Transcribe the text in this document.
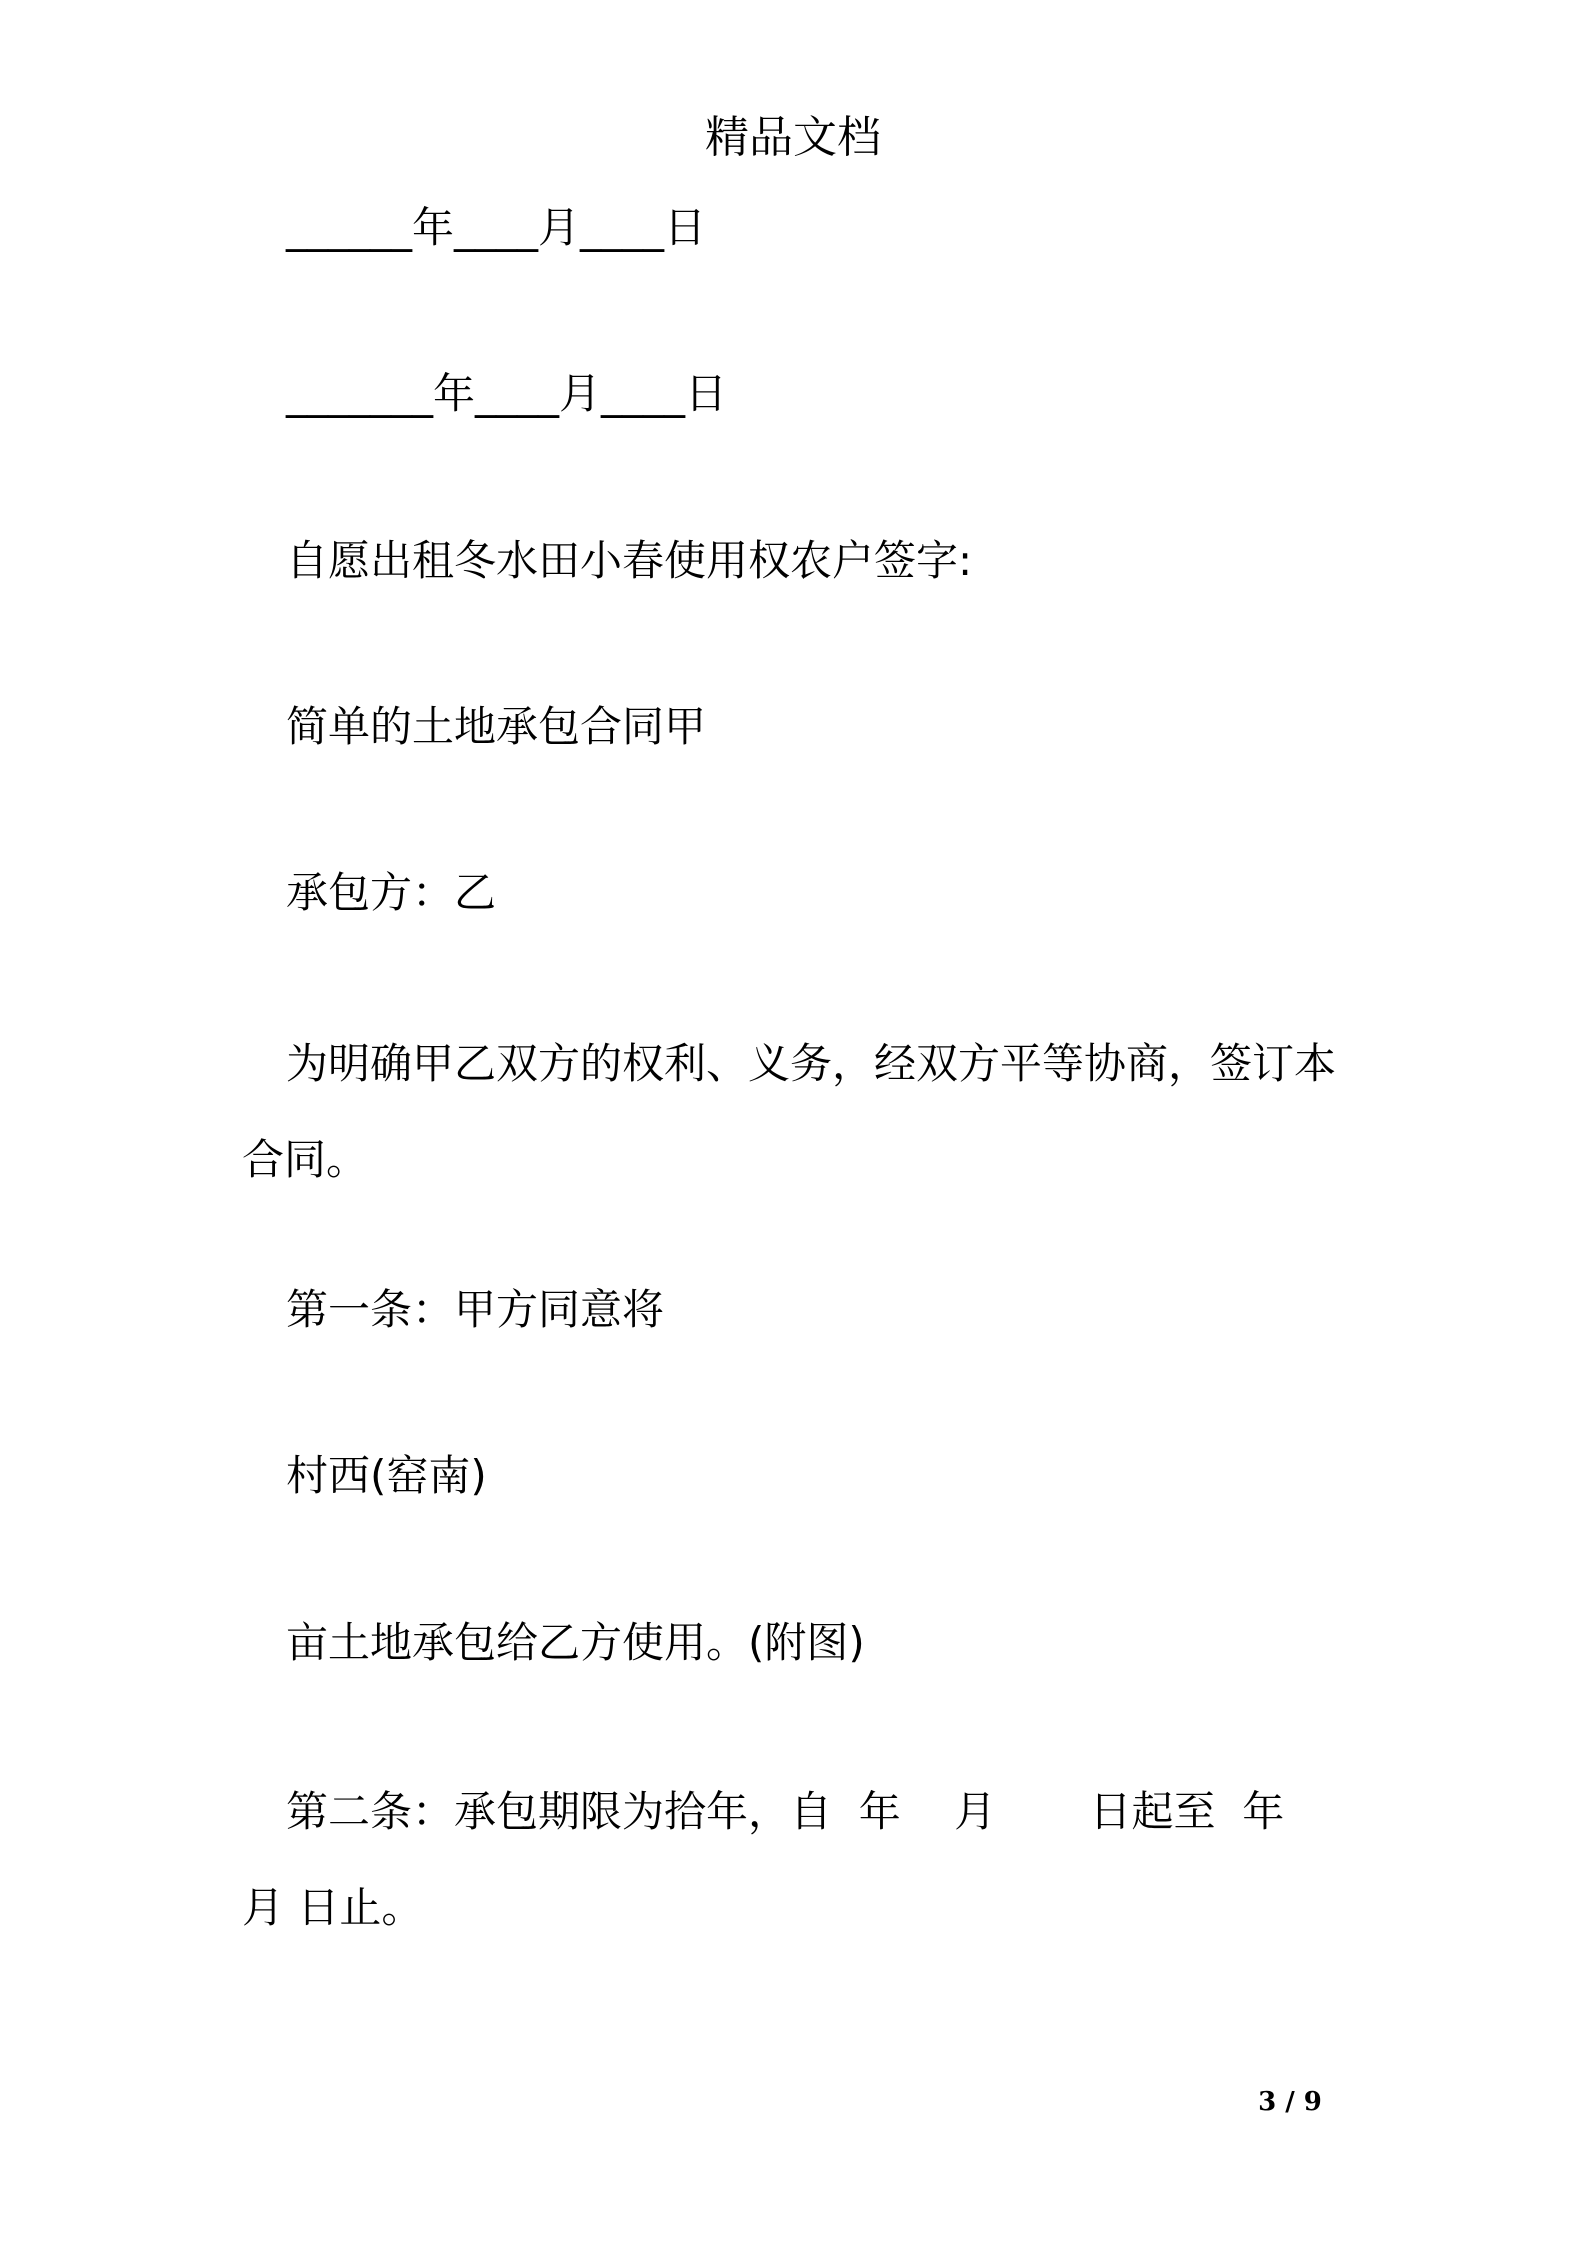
精品文档
______年____月____日
_______年____月____日
自愿出租冬水田小春使用权农户签字:
简单的土地承包合同甲
承包方：乙

为明确甲乙双方的权利、义务，经双方平等协商，签订本合同。

第一条：甲方同意将
村西(窑南)
亩土地承包给乙方使用。(附图)

第二条：承包期限为拾年，自  年    月       日起至  年    月 日止。

3 / 9
